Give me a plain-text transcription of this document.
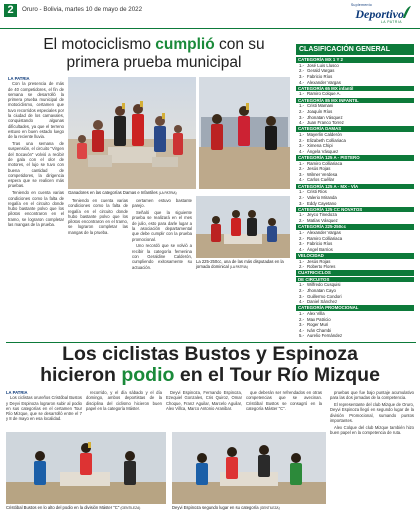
2	Oruro - Bolivia, martes 10 de mayo de 2022
Suplemento
Deportivo
LA PATRIA
El motociclismo cumplió con su primera prueba municipal
LA PATRIA

Con la presencia de más de 40 competidores, el fin de semana se desarrolló la primera prueba municipal de motociclismo, certamen que tuvo recorridos especiales por la ciudad de los carnavales, conquistando algunas dificultades, ya que el terreno estuvo en buen estado luego de la reciente lluvia.

Tras una semana de suspensión, el circuito "Virgen del Socavón" volvió a recibir de gala con el olor de motores, el lujo se tuvo con buena cantidad de competidores, la dirigencia espera que se realicen más pruebas.

Teniendo en cuenta varias condiciones como la falta de regalía en el circuito donde hubo bastante polvo que los pilotos encontraron en el tramo, se lograron completar las mangas de la prueba.

Ganadores en las categorías Damas e Infantiles (LA PATRIA)

Teniendo en cuenta varias condiciones como la falta de regalía en el circuito donde hubo bastante polvo que los pilotos encontraron en el tramo, se lograron completar las mangas de la prueba.

certamen estuvo bastante parejo.

Señaló que la siguiente prueba se realizará en el mes de julio, esto para darle lugar a la asociación departamental que debe cumplir con la prueba promocional.

Uno recordó que se volvió a recibir la categoría femenina con Geraldine Calderón, cumpliendo exitosamente su actuación.

La 225-250cc, una de las más disputadas en la jornada dominical (LA PATRIA)
CLASIFICACIÓN GENERAL
CATEGORÍA MX 1 Y 2
1.- José Luis Llusco
2.- Gerald Vargas
3.- Fabricio Ríos
4.- Alexander Vargas
CATEGORÍA 65 MX infantil
1.- Ramiro Colque A.
CATEGORÍA 85 MX INFANTIL
1.- Cristi Mamani
2.- Joaquín Ríos
3.- Jhonatan Vásquez
4.- Juan Franco Torrez
CATEGORÍA DAMAS
1.- Mayerlin Calderón
2.- Elizabeth Colliariaca
3.- Ximena Chipi
4.- Ángela Vásquez
CATEGORÍA 125 A - PISTERO
1.- Ramiro Colliariaca
2.- Jesús Rojas
3.- Wilmer Verdesa
4.- Carlos Cuéllar
CATEGORÍA 125 A - MX - VÍA
1.- Cristi Ríos
2.- Valerio Miranda
3.- Eddy Cayetano
CATEGORÍA 125 CC NOVATOS
1.- Jeyco Tinedoza
2.- Matías Vásquez
CATEGORÍA 225-250cc
1.- Alexander Vargas
2.- Ramiro Colliariaca
3.- Fabricio Ríos
4.- Ángel Barrios
VELOCIDAD
1.- Jesús Rojas
2.- Roberto Flores
CUATRICICLOS
DE CIRCUITOS
1.- Wilfredo Cusquisi
2.- Jhonatan Cayo
3.- Guillermo Condori
4.- Daniel Sánchez
CATEGORÍA PROMOCIONAL
1.- Alex Villa
2.- Max Patricio
3.- Roger Muri
4.- Iván Chambi
5.- Aurelio Fernández
Los ciclistas Bustos y Espinoza
hicieron podio en el Tour Río Mizque
LA PATRIA

Los ciclistas orureños Cristóbal Bustos y Deyvi Espinoza lograron subir al podio en sus categorías en el certamen Tour Río Mizque, que se desarrolló entre el 7 y 8 de mayo en esa localidad.

recorrido, y el día sábado y el día domingo, ambos deportistas de la disciplina del ciclismo hicieron buen papel en la categoría Máster.

Deyvi Espinoza, Fernando Espinoza, Ezequiel Gonzales, Cris Quiroz, Omar Choque, Franz Aguilar, Marcelo Aguilar, Alex Villca, Marco Antonio Aranibar.

que deberán ser refrendados en otras competencias que se avecinan. Cristóbal Bustos se consagró en la categoría Máster "C".

pruebas que fue bajo puntaje acumulativo para las dos jornadas de la competencia.

El representante del club Mizque de Oruro, Deyvi Espinoza llegó en segundo lugar de la división Promocional, sumando puntos importantes.

Alex Colque del club Mizque también hizo buen papel en la competencia de ruta.

Cristóbal Bustos en lo alto del podio en la división Máster "C" (GENTILEZA)	Deyvi Espinoza segundo lugar en su categoría (GENTILEZA)
